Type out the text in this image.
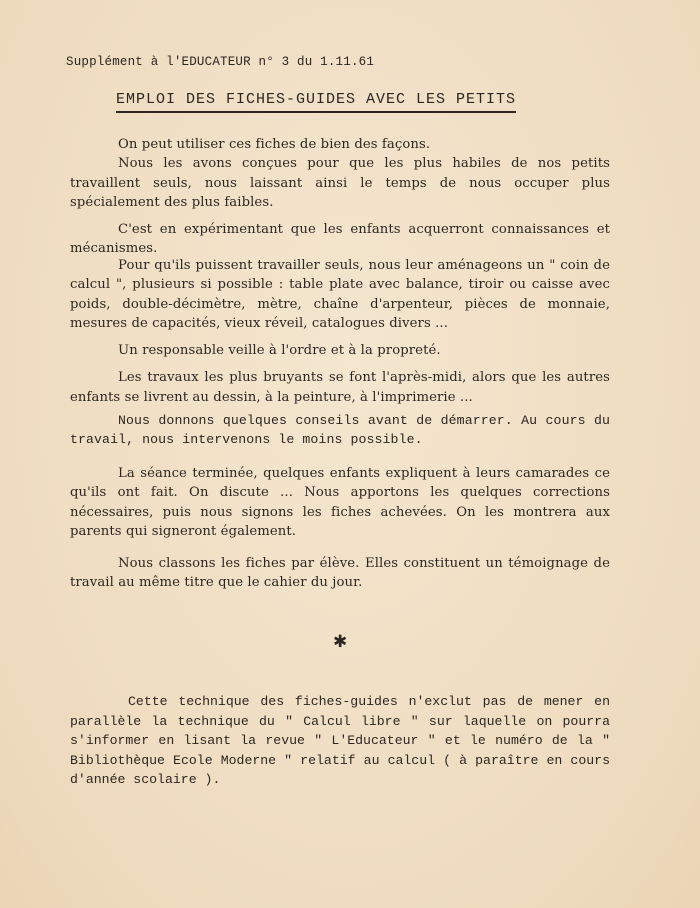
Supplément à l'EDUCATEUR n° 3 du 1.11.61
EMPLOI DES FICHES-GUIDES AVEC LES PETITS

On peut utiliser ces fiches de bien des façons.

Nous les avons conçues pour que les plus habiles de nos petits travaillent seuls, nous laissant ainsi le temps de nous occuper plus spécialement des plus faibles.

C'est en expérimentant que les enfants acquerront connaissances et mécanismes.

Pour qu'ils puissent travailler seuls, nous leur aménageons un " coin de calcul ", plusieurs si possible : table plate avec balance, tiroir ou caisse avec poids, double-décimètre, mètre, chaîne d'arpenteur, pièces de monnaie, mesures de capacités, vieux réveil, catalogues divers ...

Un responsable veille à l'ordre et à la propreté.

Les travaux les plus bruyants se font l'après-midi, alors que les autres enfants se livrent au dessin, à la peinture, à l'imprimerie ...

Nous donnons quelques conseils avant de démarrer. Au cours du travail, nous intervenons le moins possible.

La séance terminée, quelques enfants expliquent à leurs camarades ce qu'ils ont fait. On discute ... Nous apportons les quelques corrections nécessaires, puis nous signons les fiches achevées. On les montrera aux parents qui signeront également.

Nous classons les fiches par élève. Elles constituent un témoignage de travail au même titre que le cahier du jour.

✱

Cette technique des fiches-guides n'exclut pas de mener en parallèle la technique du " Calcul libre " sur laquelle on pourra s'informer en lisant la revue " L'Educateur " et le numéro de la " Bibliothèque Ecole Moderne " relatif au calcul ( à paraître en cours d'année scolaire ).
